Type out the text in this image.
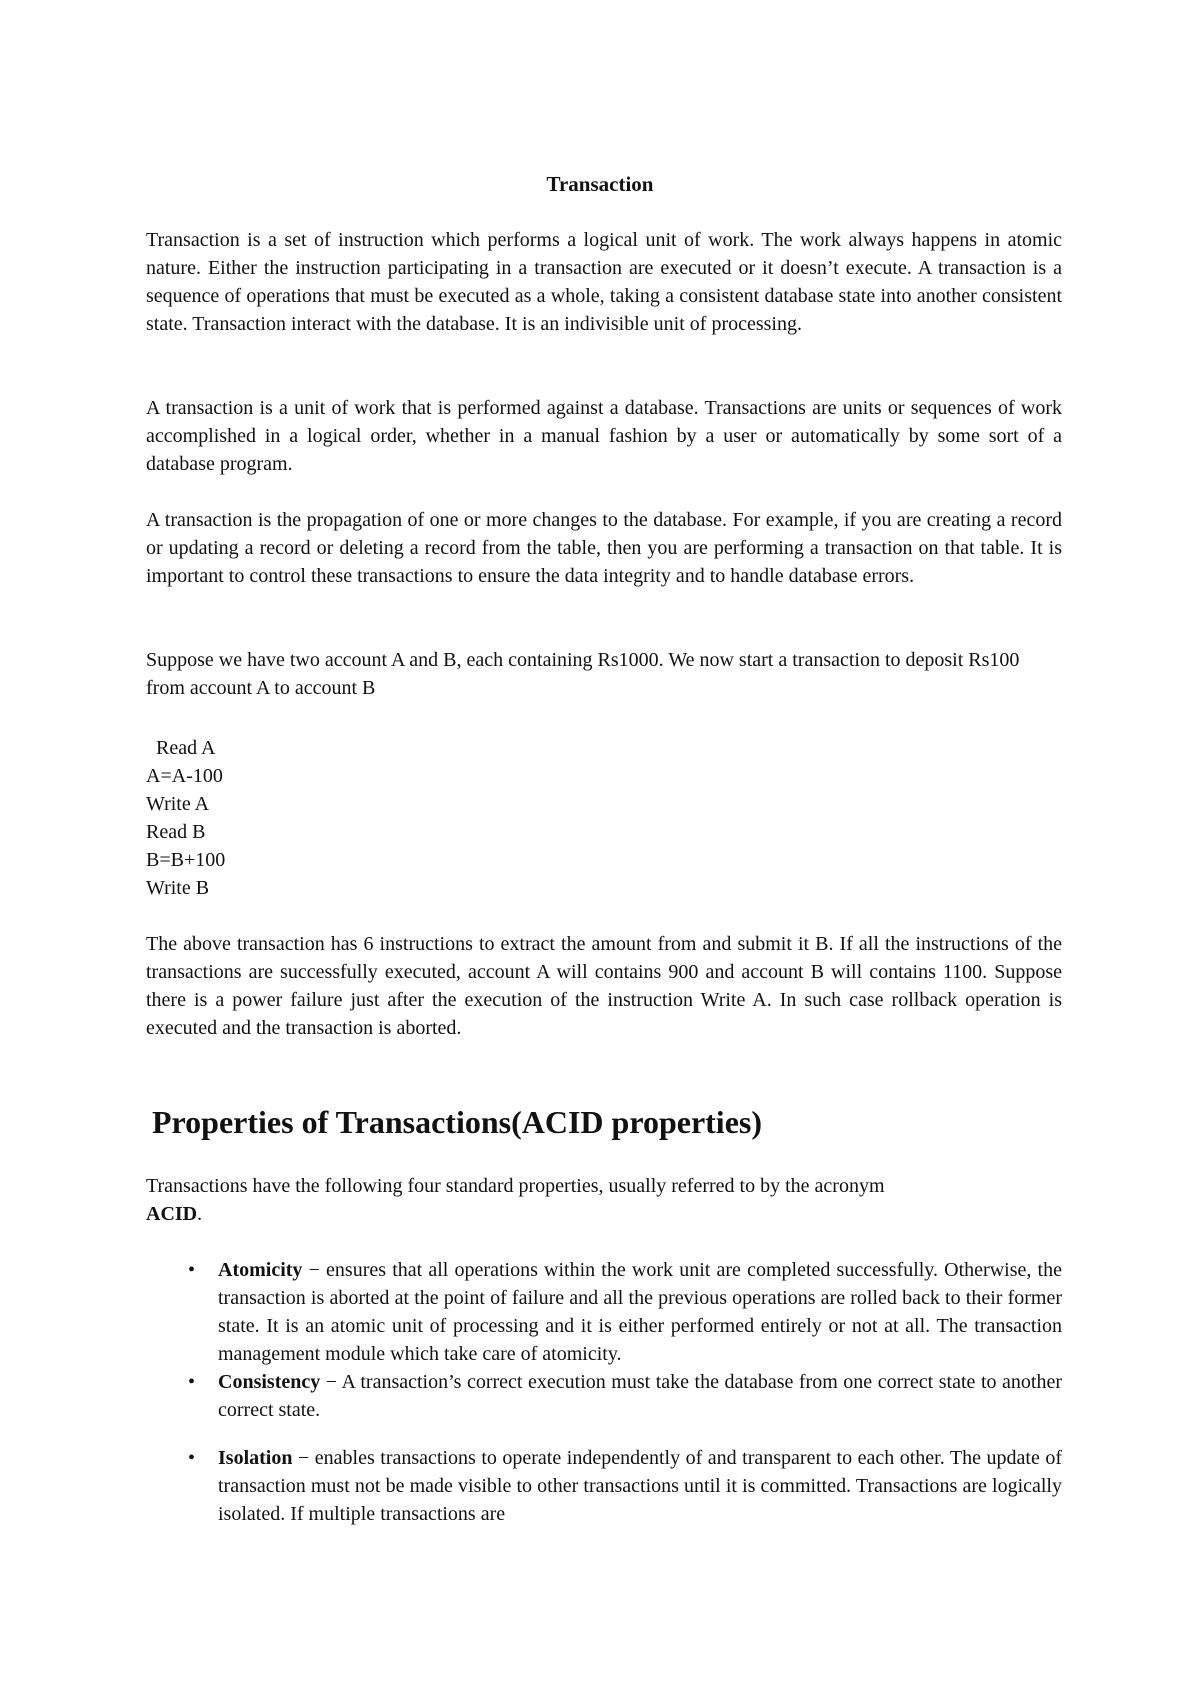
Transaction

Transaction is a set of instruction which performs a logical unit of work. The work always happens in atomic nature. Either the instruction participating in a transaction are executed or it doesn’t execute. A transaction is a sequence of operations that must be executed as a whole, taking a consistent database state into another consistent state. Transaction interact with the database. It is an indivisible unit of processing.

A transaction is a unit of work that is performed against a database. Transactions are units or sequences of work accomplished in a logical order, whether in a manual fashion by a user or automatically by some sort of a database program.

A transaction is the propagation of one or more changes to the database. For example, if you are creating a record or updating a record or deleting a record from the table, then you are performing a transaction on that table. It is important to control these transactions to ensure the data integrity and to handle database errors.

Suppose we have two account A and B, each containing Rs1000. We now start a transaction to deposit Rs100 from account A to account B

Read A

A=A-100

Write A

Read B

B=B+100

Write B

The above transaction has 6 instructions to extract the amount from and submit it B. If all the instructions of the transactions are successfully executed, account A will contains 900 and account B will contains 1100. Suppose there is a power failure just after the execution of the instruction Write A. In such case rollback operation is executed and the transaction is aborted.

Properties of Transactions(ACID properties)

Transactions have the following four standard properties, usually referred to by the acronym
ACID.

• Atomicity − ensures that all operations within the work unit are completed successfully. Otherwise, the transaction is aborted at the point of failure and all the previous operations are rolled back to their former state. It is an atomic unit of processing and it is either performed entirely or not at all. The transaction management module which take care of atomicity.
• Consistency − A transaction’s correct execution must take the database from one correct state to another correct state.
• Isolation − enables transactions to operate independently of and transparent to each other. The update of transaction must not be made visible to other transactions until it is committed. Transactions are logically isolated. If multiple transactions are
